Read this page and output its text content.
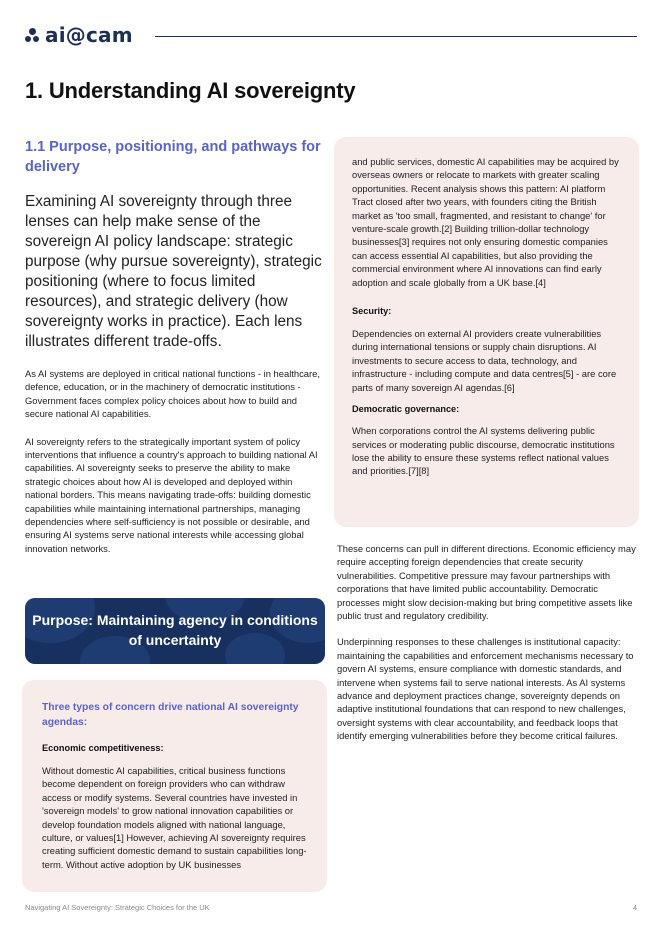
ai@cam
1. Understanding AI sovereignty
1.1 Purpose, positioning, and pathways for delivery

Examining AI sovereignty through three lenses can help make sense of the sovereign AI policy landscape: strategic purpose (why pursue sovereignty), strategic positioning (where to focus limited resources), and strategic delivery (how sovereignty works in practice). Each lens illustrates different trade-offs.

As AI systems are deployed in critical national functions - in healthcare, defence, education, or in the machinery of democratic institutions - Government faces complex policy choices about how to build and secure national AI capabilities.

AI sovereignty refers to the strategically important system of policy interventions that influence a country's approach to building national AI capabilities. AI sovereignty seeks to preserve the ability to make strategic choices about how AI is developed and deployed within national borders. This means navigating trade-offs: building domestic capabilities while maintaining international partnerships, managing dependencies where self-sufficiency is not possible or desirable, and ensuring AI systems serve national interests while accessing global innovation networks.

Purpose: Maintaining agency in conditions of uncertainty
Three types of concern drive national AI sovereignty agendas:
Economic competitiveness:

Without domestic AI capabilities, critical business functions become dependent on foreign providers who can withdraw access or modify systems. Several countries have invested in 'sovereign models' to grow national innovation capabilities or develop foundation models aligned with national language, culture, or values[1] However, achieving AI sovereignty requires creating sufficient domestic demand to sustain capabilities long-term. Without active adoption by UK businesses

and public services, domestic AI capabilities may be acquired by overseas owners or relocate to markets with greater scaling opportunities. Recent analysis shows this pattern: AI platform Tract closed after two years, with founders citing the British market as 'too small, fragmented, and resistant to change' for venture-scale growth.[2] Building trillion-dollar technology businesses[3] requires not only ensuring domestic companies can access essential AI capabilities, but also providing the commercial environment where AI innovations can find early adoption and scale globally from a UK base.[4]

Security:

Dependencies on external AI providers create vulnerabilities during international tensions or supply chain disruptions. AI investments to secure access to data, technology, and infrastructure - including compute and data centres[5] - are core parts of many sovereign AI agendas.[6]

Democratic governance:

When corporations control the AI systems delivering public services or moderating public discourse, democratic institutions lose the ability to ensure these systems reflect national values and priorities.[7][8]

These concerns can pull in different directions. Economic efficiency may require accepting foreign dependencies that create security vulnerabilities. Competitive pressure may favour partnerships with corporations that have limited public accountability. Democratic processes might slow decision-making but bring competitive assets like public trust and regulatory credibility.

Underpinning responses to these challenges is institutional capacity: maintaining the capabilities and enforcement mechanisms necessary to govern AI systems, ensure compliance with domestic standards, and intervene when systems fail to serve national interests. As AI systems advance and deployment practices change, sovereignty depends on adaptive institutional foundations that can respond to new challenges, oversight systems with clear accountability, and feedback loops that identify emerging vulnerabilities before they become critical failures.

Navigating AI Sovereignty: Strategic Choices for the UK	4
